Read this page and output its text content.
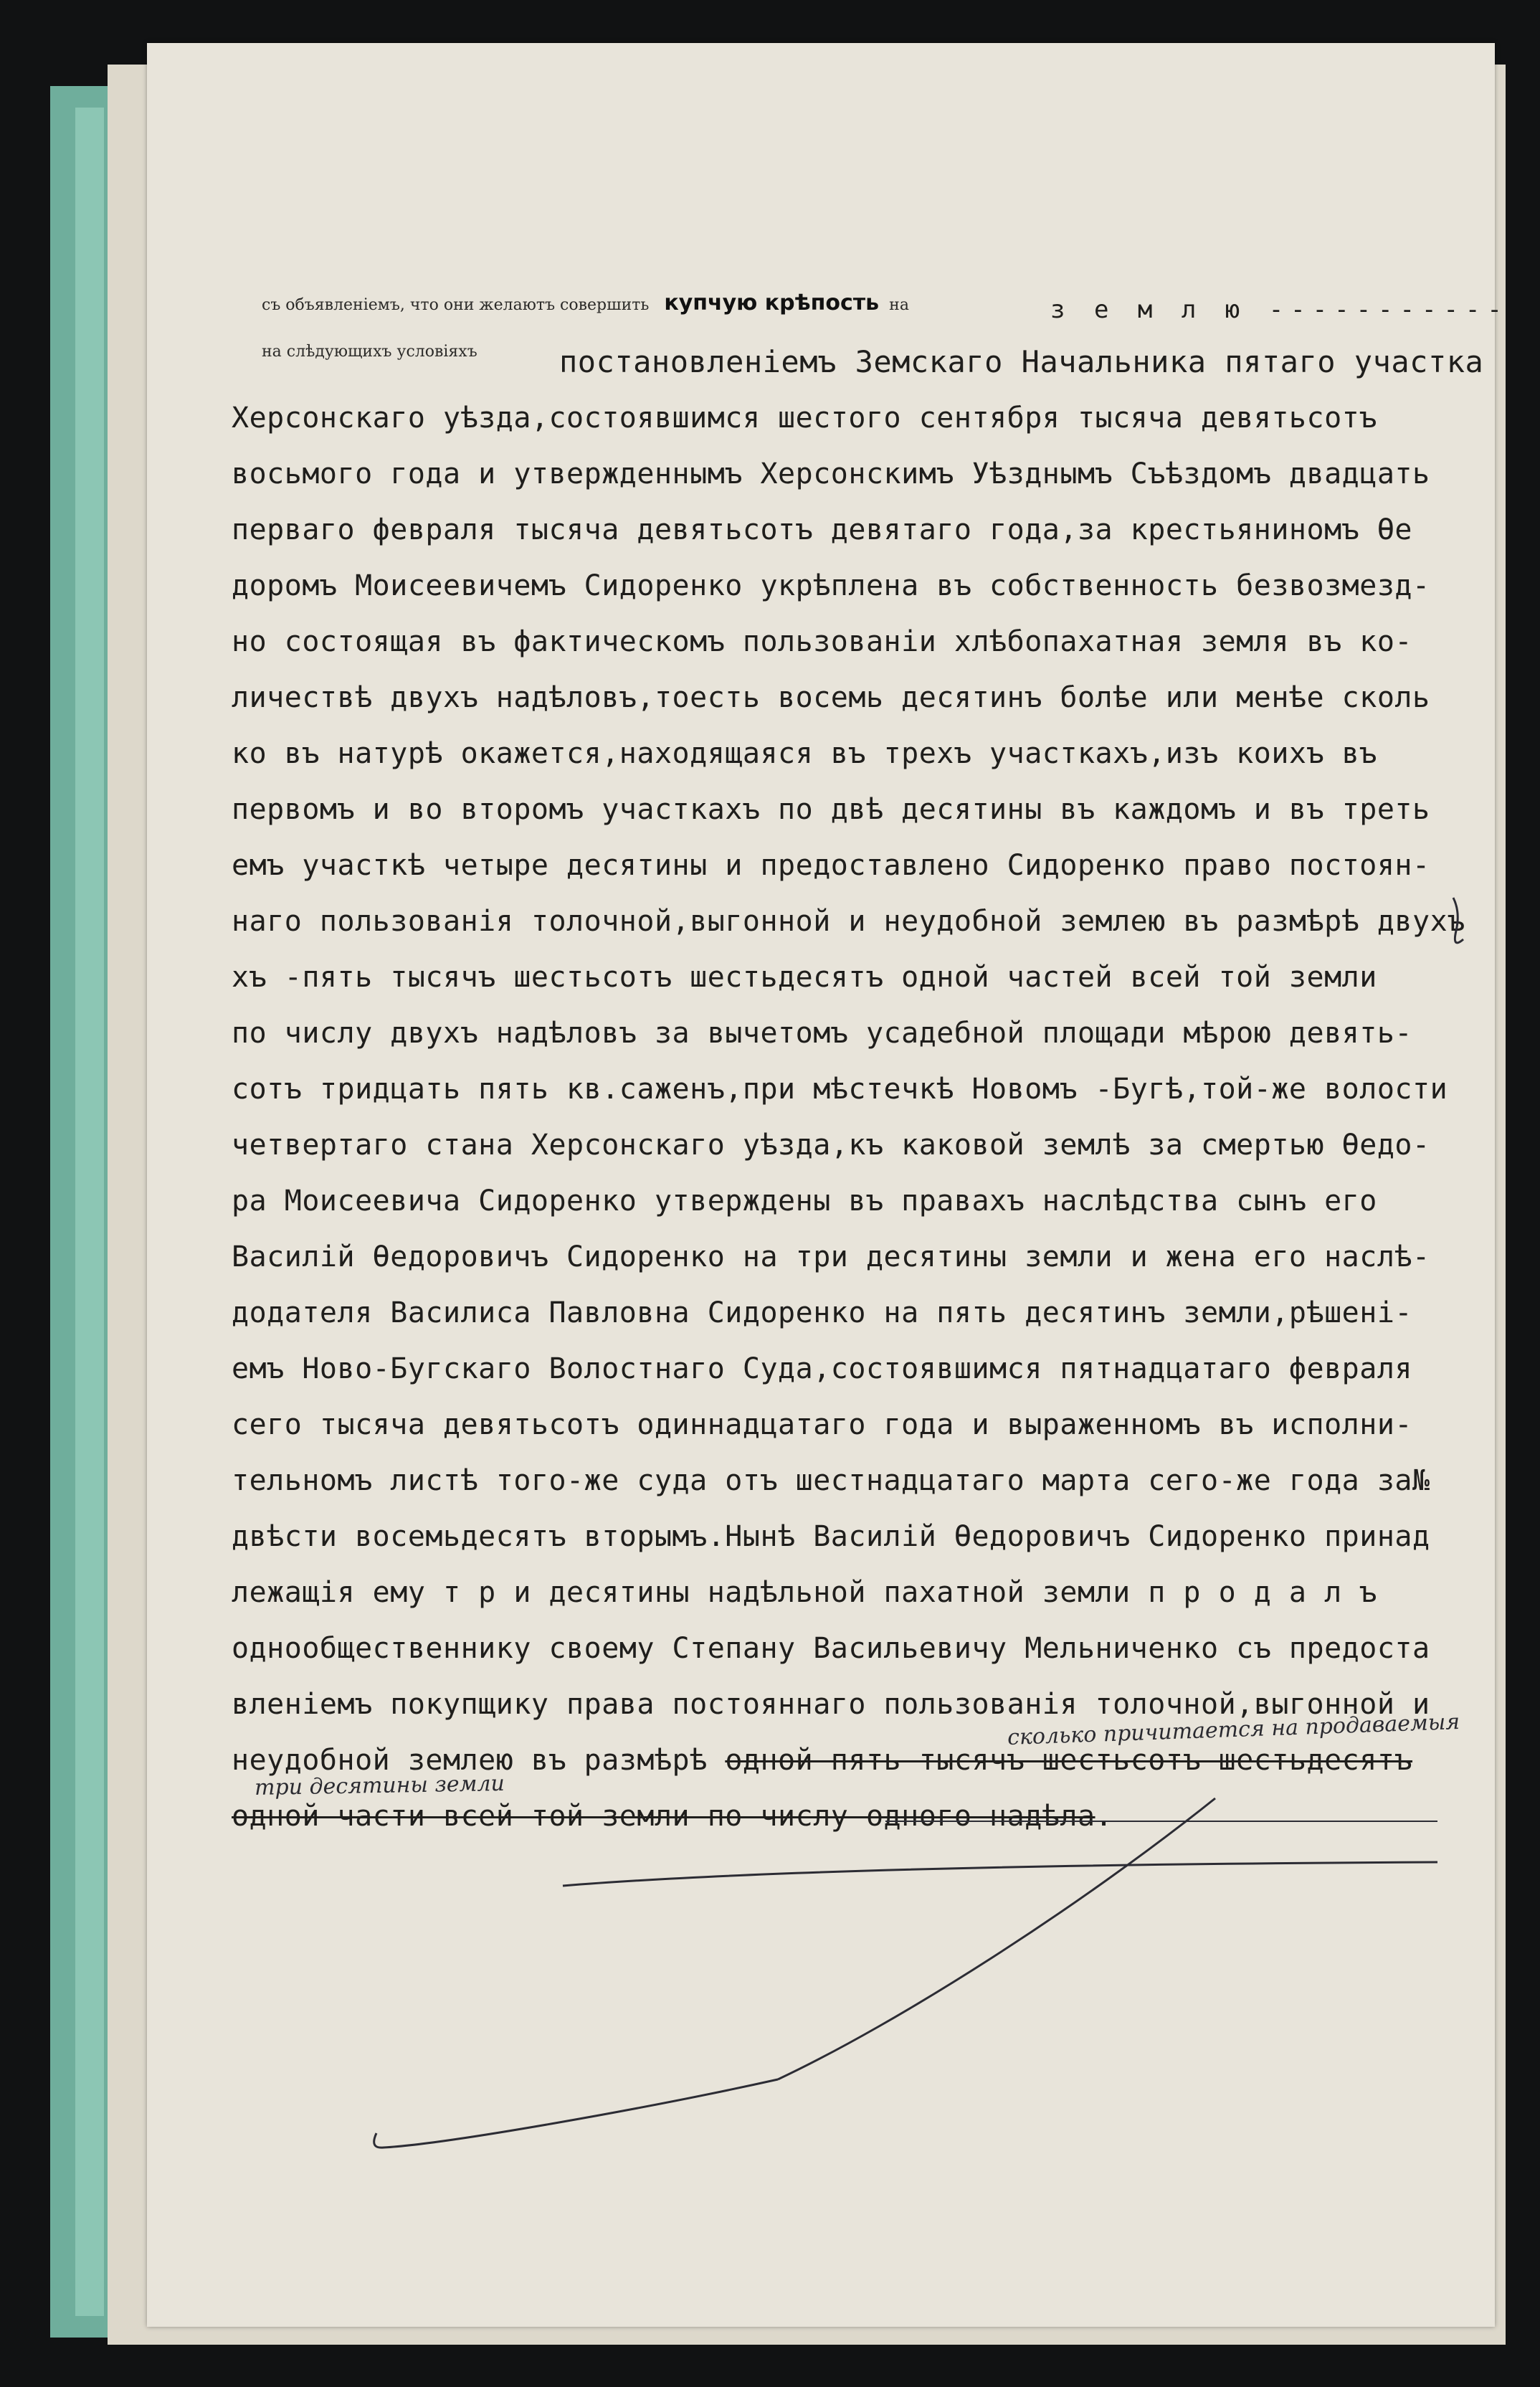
съ объявленіемъ, что они желаютъ совершить купчую крѣпость на	з е м л ю -----------
на слѣдующихъ условіяхъ	постановленіемъ Земскаго Начальника пятаго участка
Херсонскаго уѣзда,состоявшимся шестого сентября тысяча девятьсотъ
восьмого года и утвержденнымъ Херсонскимъ Уѣзднымъ Съѣздомъ двадцать
перваго февраля тысяча девятьсотъ девятаго года,за крестьяниномъ Ѳе
доромъ Моисеевичемъ Сидоренко укрѣплена въ собственность безвозмезд-
но состоящая въ фактическомъ пользованіи хлѣбопахатная земля въ ко-
личествѣ двухъ надѣловъ,тоесть восемь десятинъ болѣе или менѣе сколь
ко въ натурѣ окажется,находящаяся въ трехъ участкахъ,изъ коихъ въ
первомъ и во второмъ участкахъ по двѣ десятины въ каждомъ и въ треть
емъ участкѣ четыре десятины и предоставлено Сидоренко право постоян-
наго пользованія толочной,выгонной и неудобной землею въ размѣрѣ двухъ
хъ -пять тысячъ шестьсотъ шестьдесятъ одной частей всей той земли
по числу двухъ надѣловъ за вычетомъ усадебной площади мѣрою девять-
сотъ тридцать пять кв.саженъ,при мѣстечкѣ Новомъ -Бугѣ,той-же волости
четвертаго стана Херсонскаго уѣзда,къ каковой землѣ за смертью Ѳедо-
ра Моисеевича Сидоренко утверждены въ правахъ наслѣдства сынъ его
Василій Ѳедоровичъ Сидоренко на три десятины земли и жена его наслѣ-
додателя Василиса Павловна Сидоренко на пять десятинъ земли,рѣшені-
емъ Ново-Бугскаго Волостнаго Суда,состоявшимся пятнадцатаго февраля
сего тысяча девятьсотъ одиннадцатаго года и выраженномъ въ исполни-
тельномъ листѣ того-же суда отъ шестнадцатаго марта сего-же года за№
двѣсти восемьдесятъ вторымъ.Нынѣ Василій Ѳедоровичъ Сидоренко принад
лежащія ему т р и десятины надѣльной пахатной земли п р о д а л ъ
однообщественнику своему Степану Васильевичу Мельниченко съ предоста
вленіемъ покупщику права постояннаго пользованія толочной,выгонной и
неудобной землею въ размѣрѣ одной пять тысячъ шестьсотъ шестьдесятъ
одной части всей той земли по числу одного надѣла.
сколько причитается на продаваемыя
три десятины земли
